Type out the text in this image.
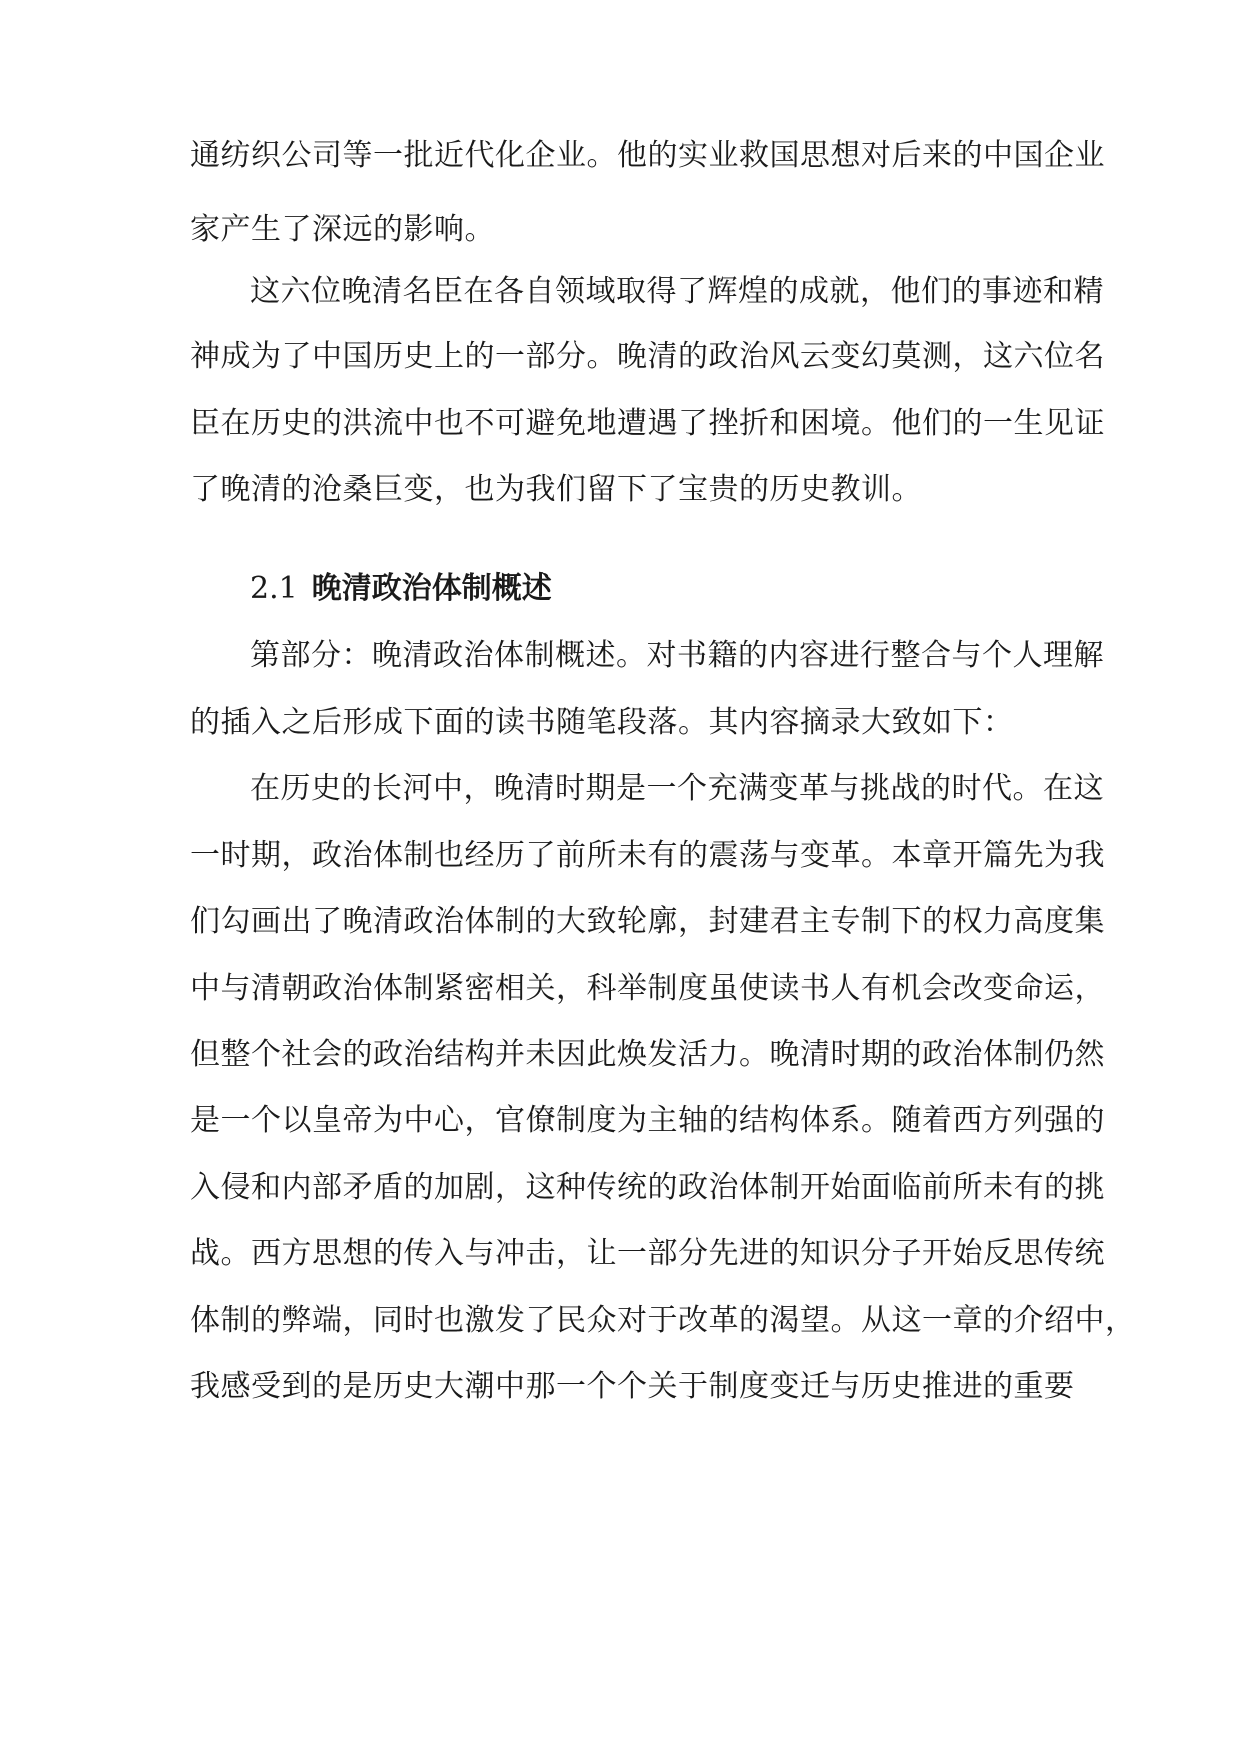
通纺织公司等一批近代化企业。他的实业救国思想对后来的中国企业
家产生了深远的影响。
这六位晚清名臣在各自领域取得了辉煌的成就，他们的事迹和精
神成为了中国历史上的一部分。晚清的政治风云变幻莫测，这六位名
臣在历史的洪流中也不可避免地遭遇了挫折和困境。他们的一生见证
了晚清的沧桑巨变，也为我们留下了宝贵的历史教训。
2.1 晚清政治体制概述
第部分：晚清政治体制概述。对书籍的内容进行整合与个人理解
的插入之后形成下面的读书随笔段落。其内容摘录大致如下：
在历史的长河中，晚清时期是一个充满变革与挑战的时代。在这
一时期，政治体制也经历了前所未有的震荡与变革。本章开篇先为我
们勾画出了晚清政治体制的大致轮廓，封建君主专制下的权力高度集
中与清朝政治体制紧密相关，科举制度虽使读书人有机会改变命运，
但整个社会的政治结构并未因此焕发活力。晚清时期的政治体制仍然
是一个以皇帝为中心，官僚制度为主轴的结构体系。随着西方列强的
入侵和内部矛盾的加剧，这种传统的政治体制开始面临前所未有的挑
战。西方思想的传入与冲击，让一部分先进的知识分子开始反思传统
体制的弊端，同时也激发了民众对于改革的渴望。从这一章的介绍中，
我感受到的是历史大潮中那一个个关于制度变迁与历史推进的重要
